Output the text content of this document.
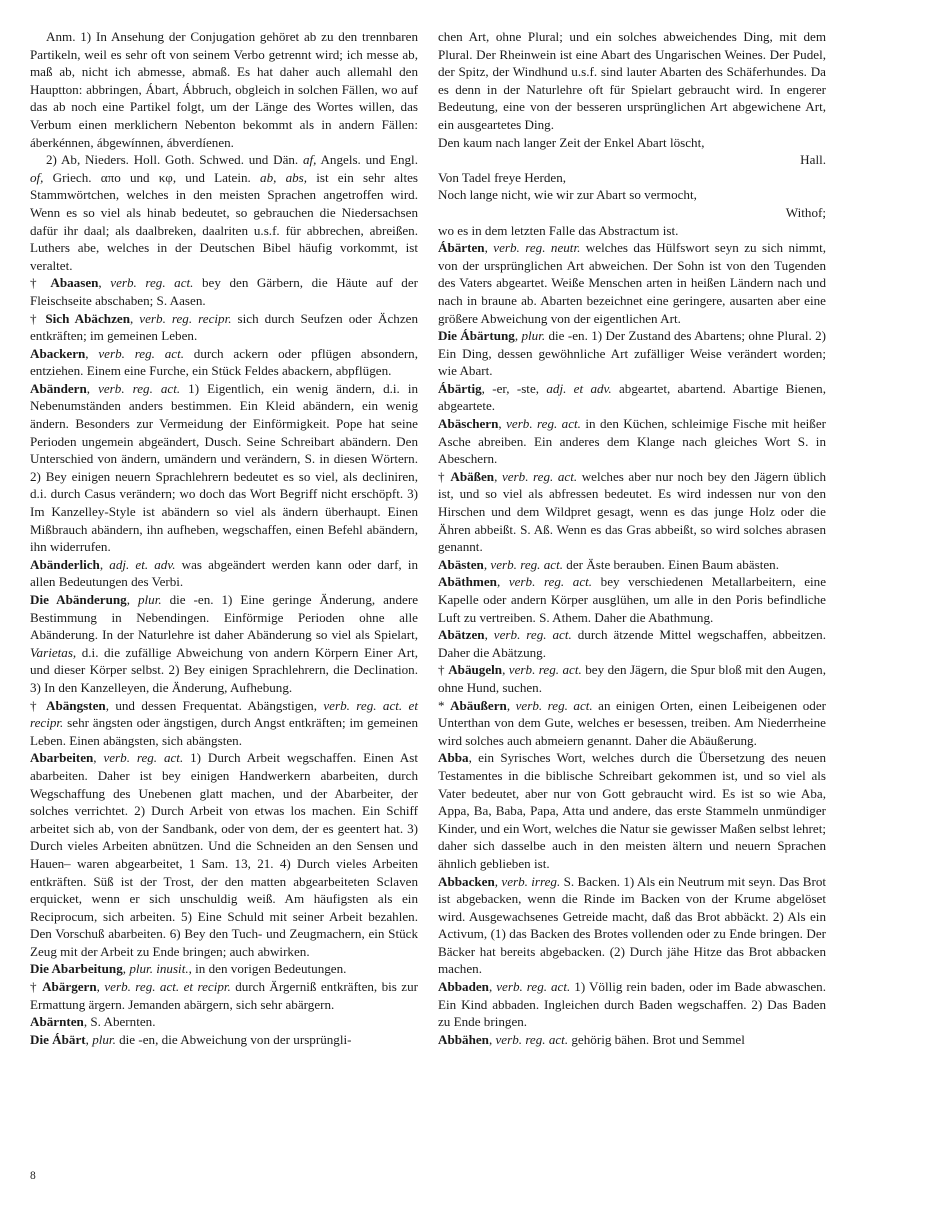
Anm. 1) In Ansehung der Conjugation gehöret ab zu den trennbaren Partikeln, weil es sehr oft von seinem Verbo getrennt wird; ich messe ab, maß ab, nicht ich abmesse, abmaß. Es hat daher auch allemahl den Hauptton: abbringen, Ábart, Ábbruch, obgleich in solchen Fällen, wo auf das ab noch eine Partikel folgt, um der Länge des Wortes willen, das Verbum einen merklichern Nebenton bekommt als in andern Fällen: áberkénnen, ábgewínnen, ábverdíenen.

2) Ab, Nieders. Holl. Goth. Schwed. und Dän. af, Angels. und Engl. of, Griech. απο und κφ, und Latein. ab, abs, ist ein sehr altes Stammwörtchen, welches in den meisten Sprachen angetroffen wird. Wenn es so viel als hinab bedeutet, so gebrauchen die Niedersachsen dafür ihr daal; als daalbreken, daalriten u.s.f. für abbrechen, abreißen. Luthers abe, welches in der Deutschen Bibel häufig vorkommt, ist veraltet.

† Abaasen, verb. reg. act. bey den Gärbern, die Häute auf der Fleischseite abschaben; S. Aasen.

† Sich Abächzen, verb. reg. recipr. sich durch Seufzen oder Ächzen entkräften; im gemeinen Leben.

Abackern, verb. reg. act. durch ackern oder pflügen absondern, entziehen. Einem eine Furche, ein Stück Feldes abackern, abpflügen.

Abändern, verb. reg. act. 1) Eigentlich, ein wenig ändern, d.i. in Nebenumständen anders bestimmen. Ein Kleid abändern, ein wenig ändern. Besonders zur Vermeidung der Einförmigkeit. Pope hat seine Perioden ungemein abgeändert, Dusch. Seine Schreibart abändern. Den Unterschied von ändern, umändern und verändern, S. in diesen Wörtern. 2) Bey einigen neuern Sprachlehrern bedeutet es so viel, als decliniren, d.i. durch Casus verändern; wo doch das Wort Begriff nicht erschöpft. 3) Im Kanzelley-Style ist abändern so viel als ändern überhaupt. Einen Mißbrauch abändern, ihn aufheben, wegschaffen, einen Befehl abändern, ihn widerrufen.

Abänderlich, adj. et. adv. was abgeändert werden kann oder darf, in allen Bedeutungen des Verbi.

Die Abänderung, plur. die -en. 1) Eine geringe Änderung, andere Bestimmung in Nebendingen. Einförmige Perioden ohne alle Abänderung. In der Naturlehre ist daher Abänderung so viel als Spielart, Varietas, d.i. die zufällige Abweichung von andern Körpern Einer Art, und dieser Körper selbst. 2) Bey einigen Sprachlehrern, die Declination. 3) In den Kanzelleyen, die Änderung, Aufhebung.

† Abängsten, und dessen Frequentat. Abängstigen, verb. reg. act. et recipr. sehr ängsten oder ängstigen, durch Angst entkräften; im gemeinen Leben. Einen abängsten, sich abängsten.

Abarbeiten, verb. reg. act. 1) Durch Arbeit wegschaffen. Einen Ast abarbeiten. Daher ist bey einigen Handwerkern abarbeiten, durch Wegschaffung des Unebenen glatt machen, und der Abarbeiter, der solches verrichtet. 2) Durch Arbeit von etwas los machen. Ein Schiff arbeitet sich ab, von der Sandbank, oder von dem, der es geentert hat. 3) Durch vieles Arbeiten abnützen. Und die Schneiden an den Sensen und Hauen– waren abgearbeitet, 1 Sam. 13, 21. 4) Durch vieles Arbeiten entkräften. Süß ist der Trost, der den matten abgearbeiteten Sclaven erquicket, wenn er sich unschuldig weiß. Am häufigsten als ein Reciprocum, sich arbeiten. 5) Eine Schuld mit seiner Arbeit bezahlen. Den Vorschuß abarbeiten. 6) Bey den Tuch- und Zeugmachern, ein Stück Zeug mit der Arbeit zu Ende bringen; auch abwirken.

Die Abarbeitung, plur. inusit., in den vorigen Bedeutungen.

† Abärgern, verb. reg. act. et recipr. durch Ärgerniß entkräften, bis zur Ermattung ärgern. Jemanden abärgern, sich sehr abärgern.

Abärnten, S. Abernten.

Die Ábärt, plur. die -en, die Abweichung von der ursprüngli-

chen Art, ohne Plural; und ein solches abweichendes Ding, mit dem Plural. Der Rheinwein ist eine Abart des Ungarischen Weines. Der Pudel, der Spitz, der Windhund u.s.f. sind lauter Abarten des Schäferhundes. Da es denn in der Naturlehre oft für Spielart gebraucht wird. In engerer Bedeutung, eine von der besseren ursprünglichen Art abgewichene Art, ein ausgeartetes Ding.

Den kaum nach langer Zeit der Enkel Abart löscht,

Hall.

Von Tadel freye Herden,

Noch lange nicht, wie wir zur Abart so vermocht,

Withof;

wo es in dem letzten Falle das Abstractum ist.

Ábärten, verb. reg. neutr. welches das Hülfswort seyn zu sich nimmt, von der ursprünglichen Art abweichen. Der Sohn ist von den Tugenden des Vaters abgeartet. Weiße Menschen arten in heißen Ländern nach und nach in braune ab. Abarten bezeichnet eine geringere, ausarten aber eine größere Abweichung von der eigentlichen Art.

Die Ábärtung, plur. die -en. 1) Der Zustand des Abartens; ohne Plural. 2) Ein Ding, dessen gewöhnliche Art zufälliger Weise verändert worden; wie Abart.

Ábärtig, -er, -ste, adj. et adv. abgeartet, abartend. Abartige Bienen, abgeartete.

Abäschern, verb. reg. act. in den Küchen, schleimige Fische mit heißer Asche abreiben. Ein anderes dem Klange nach gleiches Wort S. in Abeschern.

† Abäßen, verb. reg. act. welches aber nur noch bey den Jägern üblich ist, und so viel als abfressen bedeutet. Es wird indessen nur von den Hirschen und dem Wildpret gesagt, wenn es das junge Holz oder die Ähren abbeißt. S. Aß. Wenn es das Gras abbeißt, so wird solches abrasen genannt.

Abästen, verb. reg. act. der Äste berauben. Einen Baum abästen.

Abäthmen, verb. reg. act. bey verschiedenen Metallarbeitern, eine Kapelle oder andern Körper ausglühen, um alle in den Poris befindliche Luft zu vertreiben. S. Athem. Daher die Abathmung.

Abätzen, verb. reg. act. durch ätzende Mittel wegschaffen, abbeitzen. Daher die Abätzung.

† Abäugeln, verb. reg. act. bey den Jägern, die Spur bloß mit den Augen, ohne Hund, suchen.

* Abäußern, verb. reg. act. an einigen Orten, einen Leibeigenen oder Unterthan von dem Gute, welches er besessen, treiben. Am Niederrheine wird solches auch abmeiern genannt. Daher die Abäußerung.

Abba, ein Syrisches Wort, welches durch die Übersetzung des neuen Testamentes in die biblische Schreibart gekommen ist, und so viel als Vater bedeutet, aber nur von Gott gebraucht wird. Es ist so wie Aba, Appa, Ba, Baba, Papa, Atta und andere, das erste Stammeln unmündiger Kinder, und ein Wort, welches die Natur sie gewisser Maßen selbst lehret; daher sich dasselbe auch in den meisten ältern und neuern Sprachen ähnlich geblieben ist.

Abbacken, verb. irreg. S. Backen. 1) Als ein Neutrum mit seyn. Das Brot ist abgebacken, wenn die Rinde im Backen von der Krume abgelöset wird. Ausgewachsenes Getreide macht, daß das Brot abbäckt. 2) Als ein Activum, (1) das Backen des Brotes vollenden oder zu Ende bringen. Der Bäcker hat bereits abgebacken. (2) Durch jähe Hitze das Brot abbacken machen.

Abbaden, verb. reg. act. 1) Völlig rein baden, oder im Bade abwaschen. Ein Kind abbaden. Ingleichen durch Baden wegschaffen. 2) Das Baden zu Ende bringen.

Abbähen, verb. reg. act. gehörig bähen. Brot und Semmel

8
